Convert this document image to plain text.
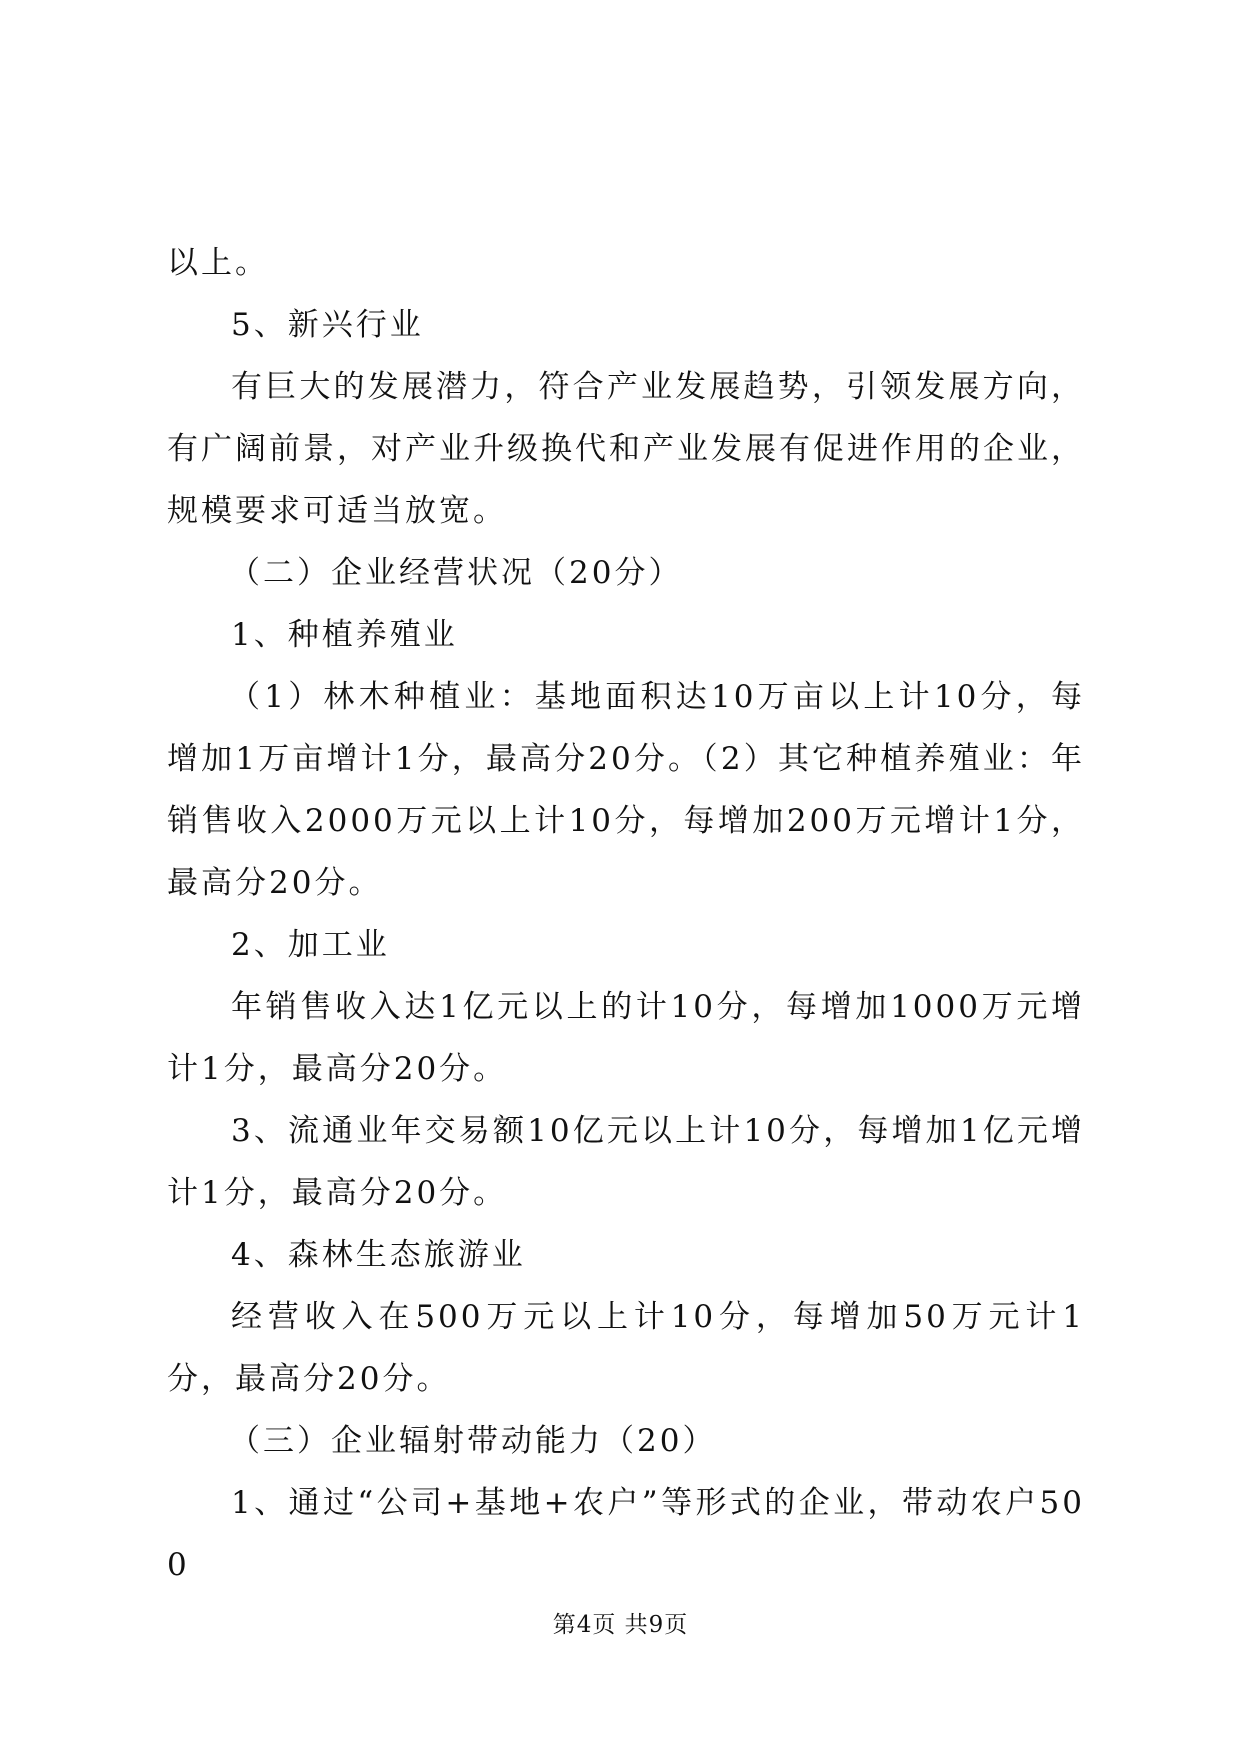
以上。

5、新兴行业

有巨大的发展潜力，符合产业发展趋势，引领发展方向，有广阔前景，对产业升级换代和产业发展有促进作用的企业，规模要求可适当放宽。

（二）企业经营状况（20分）

1、种植养殖业

（1）林木种植业：基地面积达10万亩以上计10分，每增加1万亩增计1分，最高分20分。（2）其它种植养殖业：年销售收入2000万元以上计10分，每增加200万元增计1分，最高分20分。

2、加工业

年销售收入达1亿元以上的计10分，每增加1000万元增计1分，最高分20分。

3、流通业年交易额10亿元以上计10分，每增加1亿元增计1分，最高分20分。

4、森林生态旅游业

经营收入在500万元以上计10分，每增加50万元计1分，最高分20分。

（三）企业辐射带动能力（20）

1、通过“公司+基地+农户”等形式的企业，带动农户500

第4页 共9页
